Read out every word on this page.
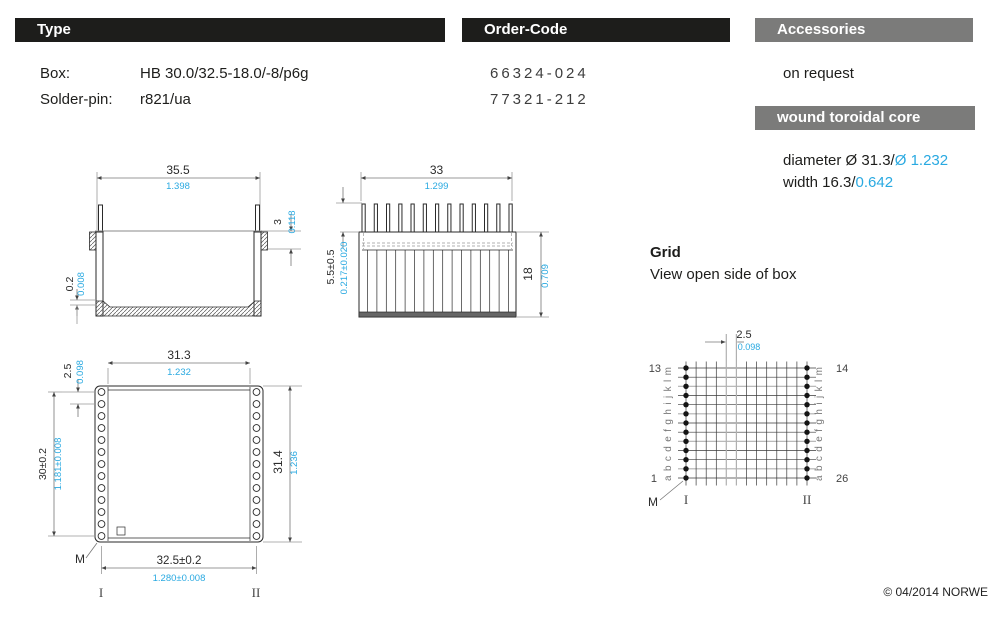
Type	Order-Code	Accessories
Box:	HB 30.0/32.5-18.0/-8/p6g
Solder-pin: r821/ua
66324-024
77321-212
on request
wound toroidal core
diameter Ø 31.3/Ø 1.232
width 16.3/0.642
Grid
View open side of box
35.5
1.398
3 0.118
0.2 0.008
33
1.299
5.5±0.5 0.217±0.020	18 0.709
31.3
1.232
2.5 0.098
30±0.2 1.181±0.008	31.4 1.236
32.5±0.2
1.280±0.008
M
I	II
2.5
0.098
13
1
14
26
abcdefghijklm
abcdefghijklm
M I	II
© 04/2014 NORWE
